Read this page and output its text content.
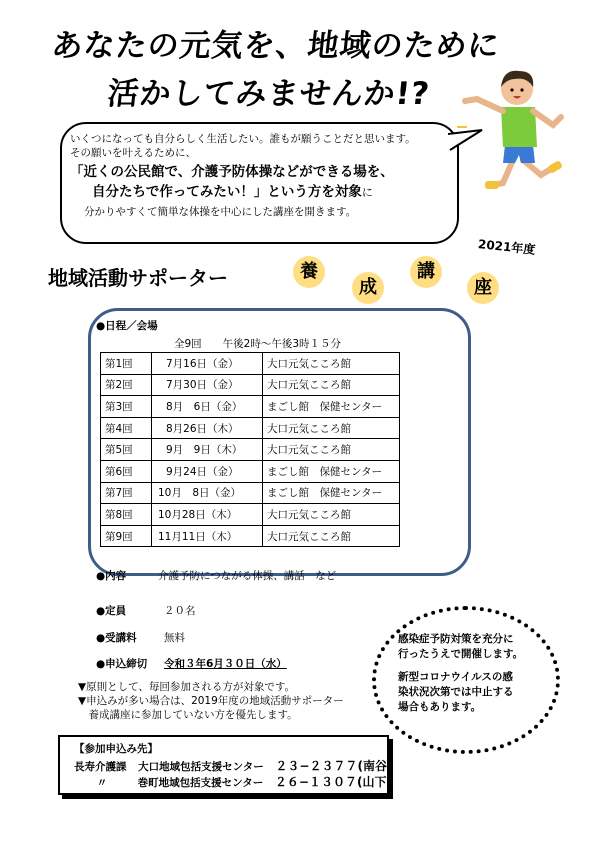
あなたの元気を、地域のために
活かしてみませんか!?

いくつになっても自分らしく生活したい。誰もが願うことだと思います。

その願いを叶えるために、

「近くの公民館で、介護予防体操などができる場を、

自分たちで作ってみたい！」という方を対象に

分かりやすくて簡単な体操を中心にした講座を開きます。

地域活動サポーター	養
成
講
座
2021年度
●日程／会場
全9回　　午後2時〜午後3時１５分
第1回	7月16日（金）	大口元気こころ館
第2回	7月30日（金）	大口元気こころ館
第3回	8月　6日（金）	まごし館　保健センター
第4回	8月26日（木）	大口元気こころ館
第5回	9月　9日（木）	大口元気こころ館
第6回	9月24日（金）	まごし館　保健センター
第7回	10月　8日（金）	まごし館　保健センター
第8回	10月28日（木）	大口元気こころ館
第9回	11月11日（木）	大口元気こころ館
●内容	介護予防につながる体操、講話　など
●定員	２０名
●受講料	無料
●申込締切 令和３年6月３０日（水）
▼原則として、毎回参加される方が対象です。
▼申込みが多い場合は、2019年度の地域活動サポーター
　養成講座に参加していない方を優先します。
感染症予防対策を充分に
行ったうえで開催します。
新型コロナウイルスの感
染状況次第では中止する
場合もあります。
【参加申込み先】
長寿介護課 大口地域包括支援センター ２３−２３７７(南谷)
〃	巻町地域包括支援センター ２６−１３０７(山下)
